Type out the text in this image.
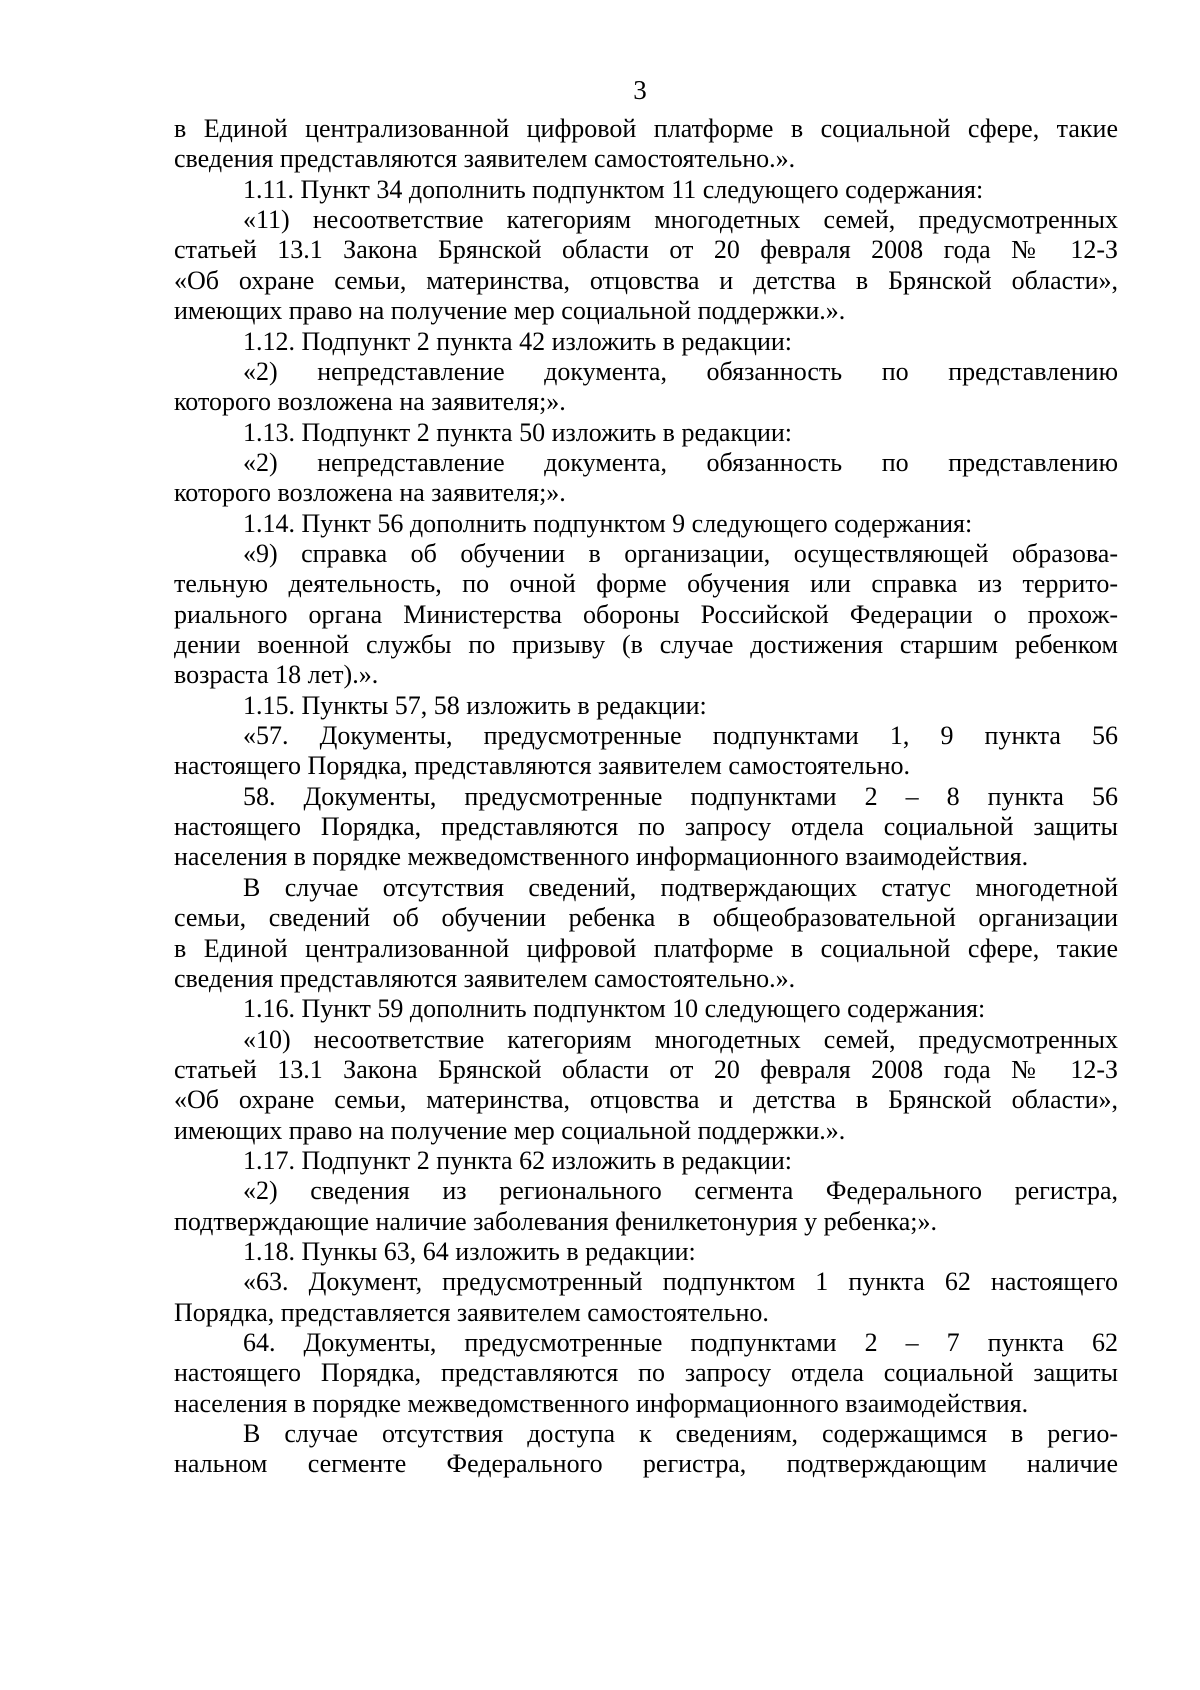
3
в Единой централизованной цифровой платформе в социальной сфере, такие
сведения представляются заявителем самостоятельно.».
1.11. Пункт 34 дополнить подпунктом 11 следующего содержания:
«11) несоответствие категориям многодетных семей, предусмотренных
статьей 13.1 Закона Брянской области от 20 февраля 2008 года № 12-З
«Об охране семьи, материнства, отцовства и детства в Брянской области»,
имеющих право на получение мер социальной поддержки.».
1.12. Подпункт 2 пункта 42 изложить в редакции:
«2) непредставление документа, обязанность по представлению
которого возложена на заявителя;».
1.13. Подпункт 2 пункта 50 изложить в редакции:
«2) непредставление документа, обязанность по представлению
которого возложена на заявителя;».
1.14. Пункт 56 дополнить подпунктом 9 следующего содержания:
«9) справка об обучении в организации, осуществляющей образова-
тельную деятельность, по очной форме обучения или справка из террито-
риального органа Министерства обороны Российской Федерации о прохож-
дении военной службы по призыву (в случае достижения старшим ребенком
возраста 18 лет).».
1.15. Пункты 57, 58 изложить в редакции:
«57. Документы, предусмотренные подпунктами 1, 9 пункта 56
настоящего Порядка, представляются заявителем самостоятельно.
58. Документы, предусмотренные подпунктами 2 – 8 пункта 56
настоящего Порядка, представляются по запросу отдела социальной защиты
населения в порядке межведомственного информационного взаимодействия.
В случае отсутствия сведений, подтверждающих статус многодетной
семьи, сведений об обучении ребенка в общеобразовательной организации
в Единой централизованной цифровой платформе в социальной сфере, такие
сведения представляются заявителем самостоятельно.».
1.16. Пункт 59 дополнить подпунктом 10 следующего содержания:
«10) несоответствие категориям многодетных семей, предусмотренных
статьей 13.1 Закона Брянской области от 20 февраля 2008 года № 12-З
«Об охране семьи, материнства, отцовства и детства в Брянской области»,
имеющих право на получение мер социальной поддержки.».
1.17. Подпункт 2 пункта 62 изложить в редакции:
«2) сведения из регионального сегмента Федерального регистра,
подтверждающие наличие заболевания фенилкетонурия у ребенка;».
1.18. Пункы 63, 64 изложить в редакции:
«63. Документ, предусмотренный подпунктом 1 пункта 62 настоящего
Порядка, представляется заявителем самостоятельно.
64. Документы, предусмотренные подпунктами 2 – 7 пункта 62
настоящего Порядка, представляются по запросу отдела социальной защиты
населения в порядке межведомственного информационного взаимодействия.
В случае отсутствия доступа к сведениям, содержащимся в регио-
нальном сегменте Федерального регистра, подтверждающим наличие
